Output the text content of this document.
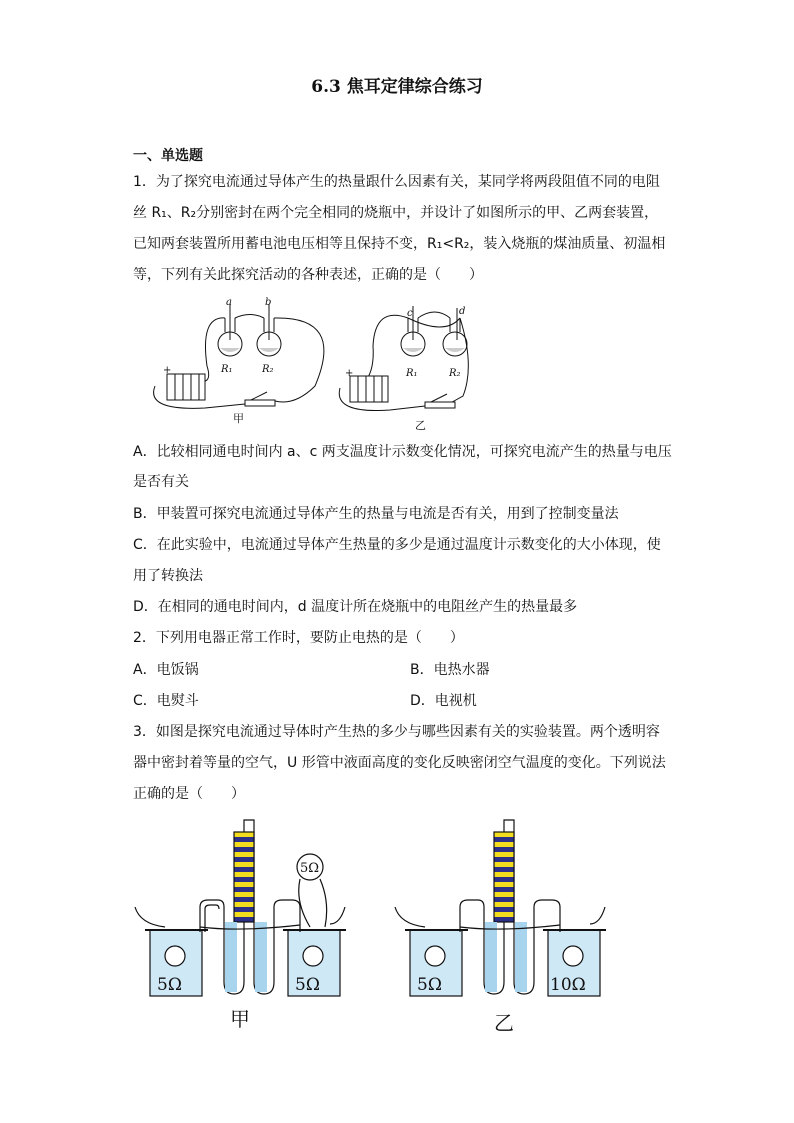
6.3 焦耳定律综合练习
一、单选题
1．为了探究电流通过导体产生的热量跟什么因素有关，某同学将两段阻值不同的电阻
丝 R₁、R₂分别密封在两个完全相同的烧瓶中，并设计了如图所示的甲、乙两套装置，
已知两套装置所用蓄电池电压相等且保持不变，R₁<R₂，装入烧瓶的煤油质量、初温相
等，下列有关此探究活动的各种表述，正确的是（　　）
a	b
R₁	R₂
c	d
R₁	R₂
+	+
甲
乙
A．比较相同通电时间内 a、c 两支温度计示数变化情况，可探究电流产生的热量与电压
是否有关
B．甲装置可探究电流通过导体产生的热量与电流是否有关，用到了控制变量法
C．在此实验中，电流通过导体产生热量的多少是通过温度计示数变化的大小体现，使
用了转换法
D．在相同的通电时间内，d 温度计所在烧瓶中的电阻丝产生的热量最多
2．下列用电器正常工作时，要防止电热的是（　　）
A．电饭锅	B．电热水器
C．电熨斗	D．电视机
3．如图是探究电流通过导体时产生热的多少与哪些因素有关的实验装置。两个透明容
器中密封着等量的空气，U 形管中液面高度的变化反映密闭空气温度的变化。下列说法
正确的是（　　）
5Ω	5Ω
5Ω
5Ω	10Ω
甲	乙
